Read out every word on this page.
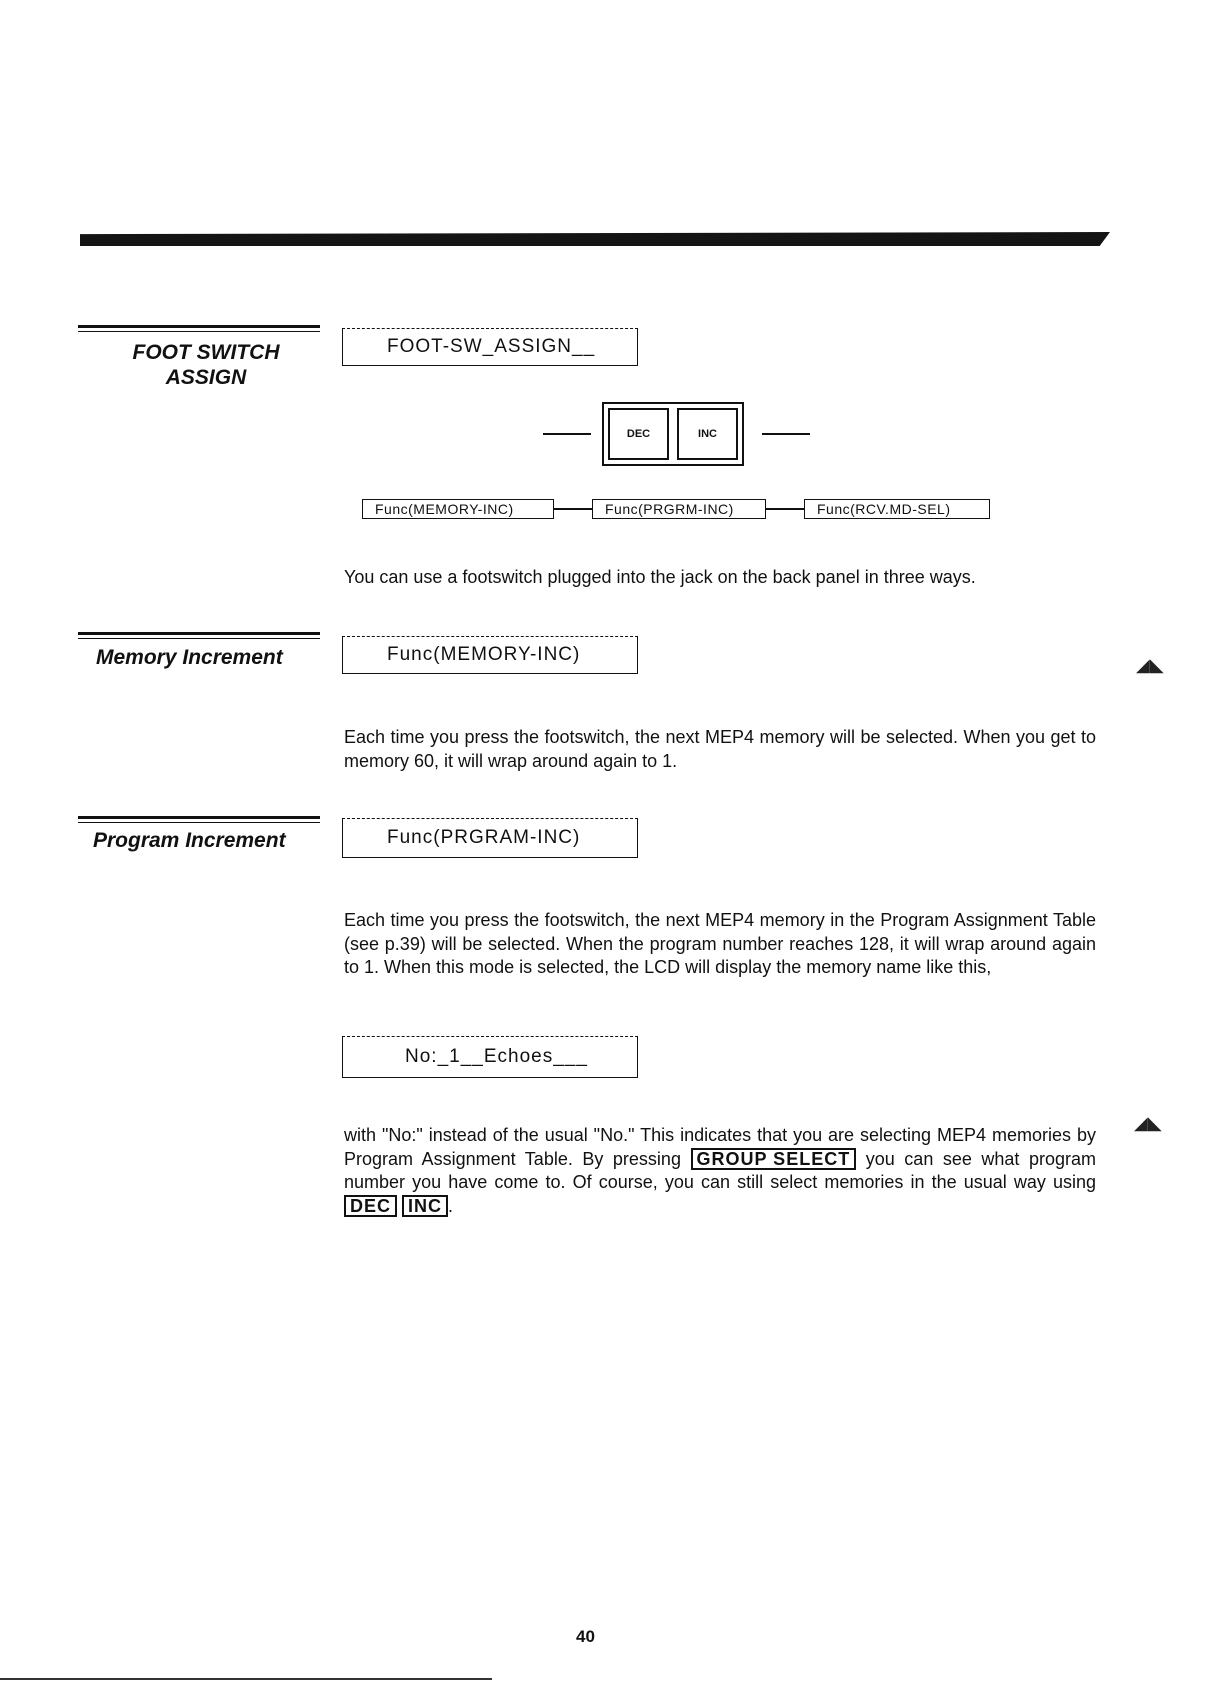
FOOT SWITCH
ASSIGN
FOOT-SW_ASSIGN__
DEC	INC
Func(MEMORY-INC)	Func(PRGRM-INC)	Func(RCV.MD-SEL)
You can use a footswitch plugged into the jack on the back panel in three ways.
Memory Increment	Func(MEMORY-INC)	◢◣
Each time you press the footswitch, the next MEP4 memory will be selected. When you get to memory 60, it will wrap around again to 1.
Program Increment	Func(PRGRAM-INC)
Each time you press the footswitch, the next MEP4 memory in the Program Assignment Table (see p.39) will be selected. When the program number reaches 128, it will wrap around again to 1. When this mode is selected, the LCD will display the memory name like this,
No:_1__Echoes___
◢◣
with "No:" instead of the usual "No." This indicates that you are selecting MEP4 memories by Program Assignment Table. By pressing GROUP SELECT you can see what program number you have come to. Of course, you can still select memories in the usual way using DEC INC .
40
